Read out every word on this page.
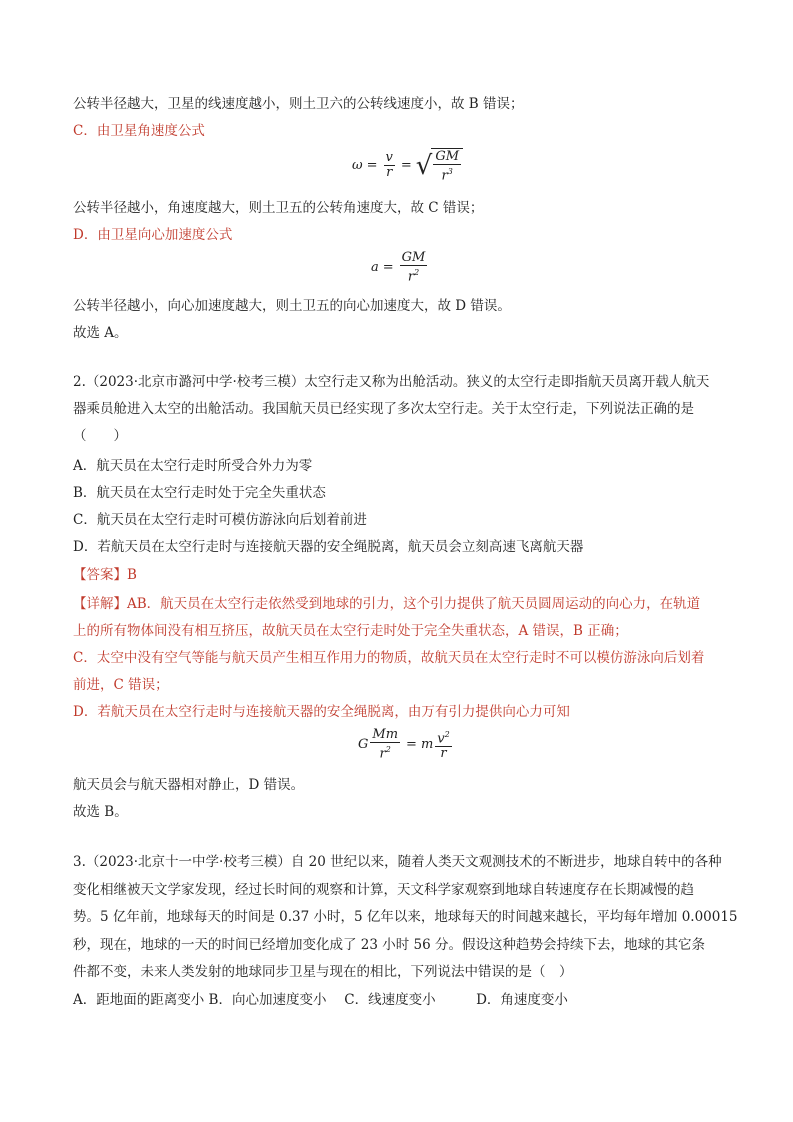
公转半径越大，卫星的线速度越小，则土卫六的公转线速度小，故 B 错误；
C．由卫星角速度公式
$\omega = \frac{v}{r}$ = √ $\frac{GM}{r^3}$
公转半径越小，角速度越大，则土卫五的公转角速度大，故 C 错误；
D．由卫星向心加速度公式
$a = \frac{GM}{r^2}$
公转半径越小，向心加速度越大，则土卫五的向心加速度大，故 D 错误。
故选 A。
2.（2023·北京市潞河中学·校考三模）太空行走又称为出舱活动。狭义的太空行走即指航天员离开载人航天
器乘员舱进入太空的出舱活动。我国航天员已经实现了多次太空行走。关于太空行走，下列说法正确的是
（　　）
A．航天员在太空行走时所受合外力为零
B．航天员在太空行走时处于完全失重状态
C．航天员在太空行走时可模仿游泳向后划着前进
D．若航天员在太空行走时与连接航天器的安全绳脱离，航天员会立刻高速飞离航天器
【答案】B
【详解】AB．航天员在太空行走依然受到地球的引力，这个引力提供了航天员圆周运动的向心力，在轨道
上的所有物体间没有相互挤压，故航天员在太空行走时处于完全失重状态，A 错误，B 正确；
C．太空中没有空气等能与航天员产生相互作用力的物质，故航天员在太空行走时不可以模仿游泳向后划着
前进，C 错误；
D．若航天员在太空行走时与连接航天器的安全绳脱离，由万有引力提供向心力可知
G $\frac{Mm}{r^2} = m \frac{v^2}{r}$
航天员会与航天器相对静止，D 错误。
故选 B。
3.（2023·北京十一中学·校考三模）自 20 世纪以来，随着人类天文观测技术的不断进步，地球自转中的各种
变化相继被天文学家发现，经过长时间的观察和计算，天文科学家观察到地球自转速度存在长期减慢的趋
势。5 亿年前，地球每天的时间是 0.37 小时，5 亿年以来，地球每天的时间越来越长，平均每年增加 0.00015
秒，现在，地球的一天的时间已经增加变化成了 23 小时 56 分。假设这种趋势会持续下去，地球的其它条
件都不变，未来人类发射的地球同步卫星与现在的相比，下列说法中错误的是（　）
A．距地面的距离变小 B．向心加速度变小　 C．线速度变小　　　D．角速度变小
